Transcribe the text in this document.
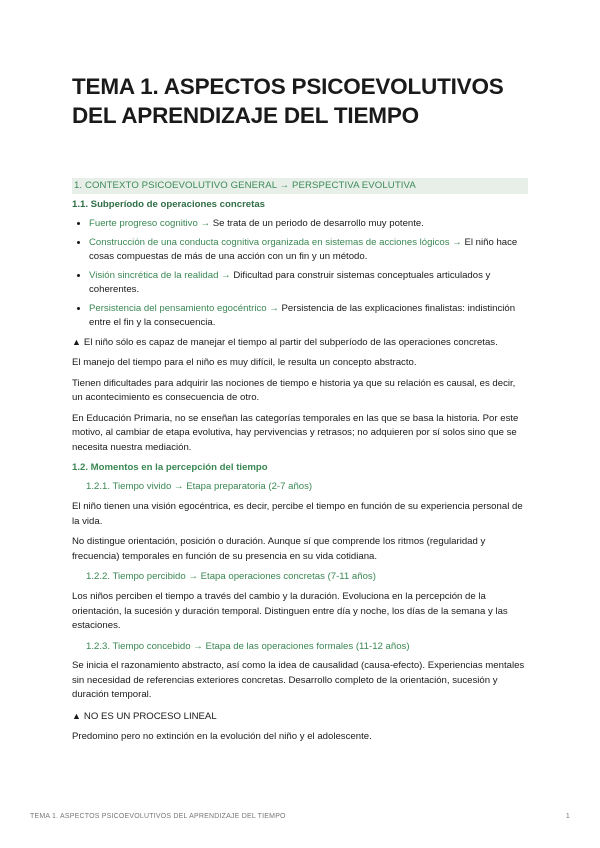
TEMA 1. ASPECTOS PSICOEVOLUTIVOS DEL APRENDIZAJE DEL TIEMPO
1. CONTEXTO PSICOEVOLUTIVO GENERAL → PERSPECTIVA EVOLUTIVA
1.1. Subperíodo de operaciones concretas
• Fuerte progreso cognitivo → Se trata de un periodo de desarrollo muy potente.
• Construcción de una conducta cognitiva organizada en sistemas de acciones lógicos → El niño hace cosas compuestas de más de una acción con un fin y un método.
• Visión sincrética de la realidad → Dificultad para construir sistemas conceptuales articulados y coherentes.
• Persistencia del pensamiento egocéntrico → Persistencia de las explicaciones finalistas: indistinción entre el fin y la consecuencia.

▲ El niño sólo es capaz de manejar el tiempo al partir del subperíodo de las operaciones concretas.

El manejo del tiempo para el niño es muy difícil, le resulta un concepto abstracto.

Tienen dificultades para adquirir las nociones de tiempo e historia ya que su relación es causal, es decir, un acontecimiento es consecuencia de otro.

En Educación Primaria, no se enseñan las categorías temporales en las que se basa la historia. Por este motivo, al cambiar de etapa evolutiva, hay pervivencias y retrasos; no adquieren por sí solos sino que se necesita nuestra mediación.

1.2. Momentos en la percepción del tiempo
1.2.1. Tiempo vivido → Etapa preparatoria (2-7 años)

El niño tienen una visión egocéntrica, es decir, percibe el tiempo en función de su experiencia personal de la vida.

No distingue orientación, posición o duración. Aunque sí que comprende los ritmos (regularidad y frecuencia) temporales en función de su presencia en su vida cotidiana.

1.2.2. Tiempo percibido → Etapa operaciones concretas (7-11 años)

Los niños perciben el tiempo a través del cambio y la duración. Evoluciona en la percepción de la orientación, la sucesión y duración temporal. Distinguen entre día y noche, los días de la semana y las estaciones.

1.2.3. Tiempo concebido → Etapa de las operaciones formales (11-12 años)

Se inicia el razonamiento abstracto, así como la idea de causalidad (causa-efecto). Experiencias mentales sin necesidad de referencias exteriores concretas. Desarrollo completo de la orientación, sucesión y duración temporal.

▲ NO ES UN PROCESO LINEAL

Predomino pero no extinción en la evolución del niño y el adolescente.

TEMA 1. ASPECTOS PSICOEVOLUTIVOS DEL APRENDIZAJE DEL TIEMPO	1
